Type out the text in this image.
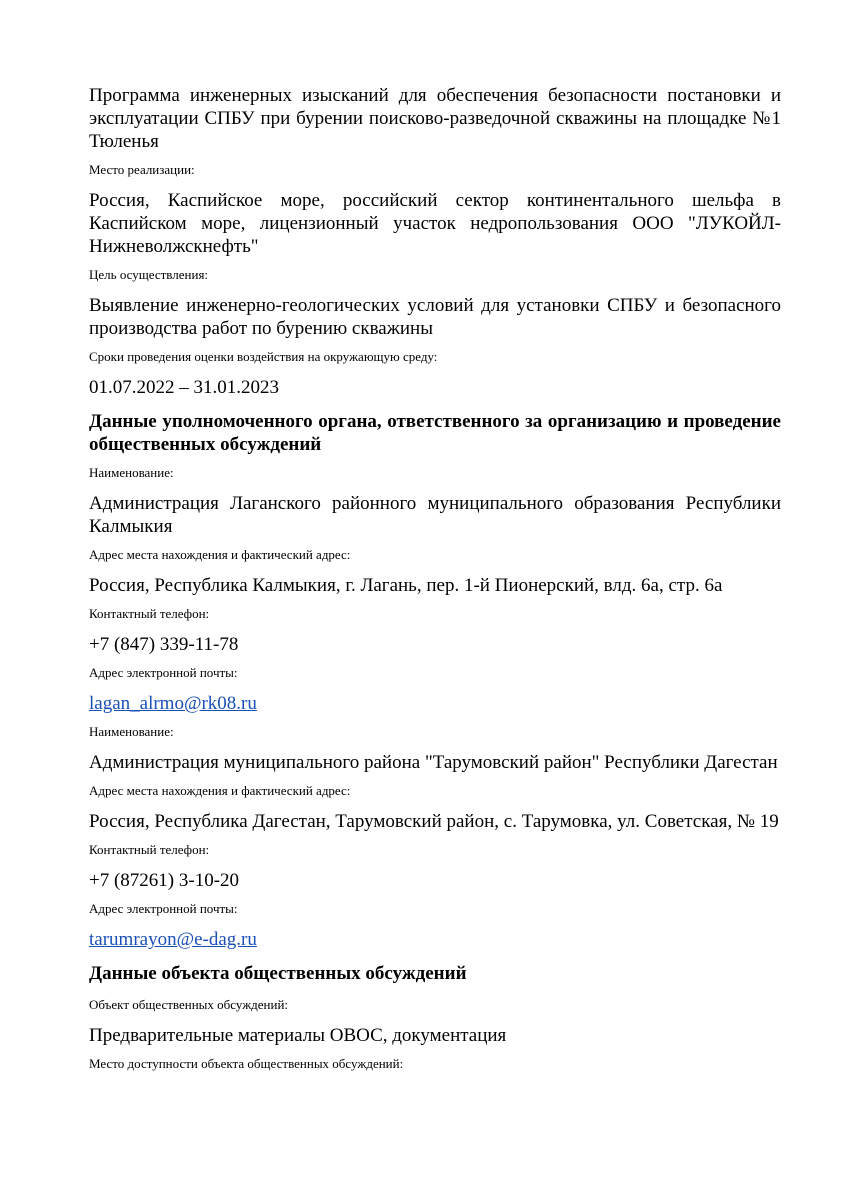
Программа инженерных изысканий для обеспечения безопасности постановки и эксплуатации СПБУ при бурении поисково-разведочной скважины на площадке №1 Тюленья

Место реализации:

Россия, Каспийское море, российский сектор континентального шельфа в Каспийском море, лицензионный участок недропользования ООО "ЛУКОЙЛ-Нижневолжскнефть"

Цель осуществления:

Выявление инженерно-геологических условий для установки СПБУ и безопасного производства работ по бурению скважины

Сроки проведения оценки воздействия на окружающую среду:

01.07.2022 – 31.01.2023

Данные уполномоченного органа, ответственного за организацию и проведение общественных обсуждений

Наименование:

Администрация Лаганского районного муниципального образования Республики Калмыкия

Адрес места нахождения и фактический адрес:

Россия, Республика Калмыкия, г. Лагань, пер. 1-й Пионерский, влд. 6а, стр. 6а

Контактный телефон:

+7 (847) 339-11-78

Адрес электронной почты:

lagan_alrmo@rk08.ru

Наименование:

Администрация муниципального района "Тарумовский район" Республики Дагестан

Адрес места нахождения и фактический адрес:

Россия, Республика Дагестан, Тарумовский район, с. Тарумовка, ул. Советская, № 19

Контактный телефон:

+7 (87261) 3-10-20

Адрес электронной почты:

tarumrayon@e-dag.ru

Данные объекта общественных обсуждений

Объект общественных обсуждений:

Предварительные материалы ОВОС, документация

Место доступности объекта общественных обсуждений:
